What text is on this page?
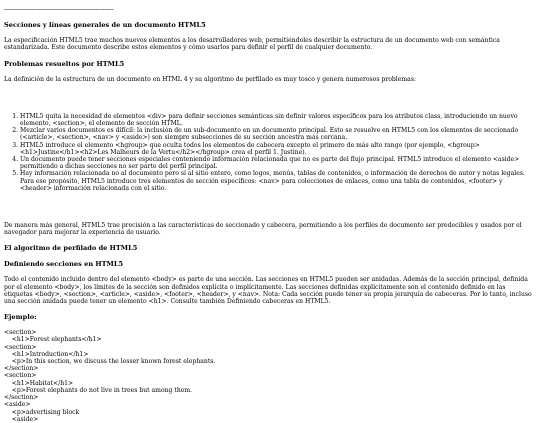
------------------------------------------------------------
Secciones y líneas generales de un documento HTML5

La especificación HTML5 trae muchos nuevos elementos a los desarrolladores web, permitiéndoles describir la estructura de un documento web con semántica estandarizada. Este documento describe estos elementos y cómo usarlos para definir el perfil de cualquier documento.

Problemas resueltos por HTML5

La definición de la estructura de un documento en HTML 4 y su algoritmo de perfilado es muy tosco y genera numerosos problemas:

1. HTML5 quita la necesidad de elementos <div> para definir secciones semánticas sin definir valores específicos para los atributos class, introduciendo un nuevo elemento, <section>, el elemento de sección HTML.
2. Mezclar varios documentos es difícil: la inclusión de un sub-documento en un documento principal. Esto se resuelve en HTML5 con los elementos de seccionado (<article>, <section>, <nav> y <aside>) son siempre subsecciones de su sección ancestra más cercana.
3. HTML5 introduce el elemento <hgroup> que oculta todos los elementos de cabecera excepto el primero de más alto rango (por ejemplo, <hgroup><h1>Justine</h1><h2>Les Malheurs de la Vertu</h2></hgroup> crea el perfil 1. Justine).
4. Un documento puede tener secciones especiales conteniendo información relacionada que no es parte del flujo principal. HTML5 introduce el elemento <aside> permitiendo a dichas secciones no ser parte del perfil principal.
5. Hay información relacionada no al documento pero sí al sitio entero, como logos, menús, tablas de contenidos, o información de derechos de autor y notas legales. Para ese propósito, HTML5 introduce tres elementos de sección específicos: <nav> para colecciones de enlaces, como una tabla de contenidos, <footer> y <header> información relacionada con el sitio.

De manera más general, HTML5 trae precisión a las características de seccionado y cabecera, permitiendo a los perfiles de documento ser predecibles y usados por el navegador para mejorar la experiencia de usuario.

El algoritmo de perfilado de HTML5
Definiendo secciones en HTML5

Todo el contenido incluido dentro del elemento <body> es parte de una sección. Las secciones en HTML5 pueden ser anidadas. Además de la sección principal, definida por el elemento <body>, los límites de la sección son definidos explícita o implícitamente. Las secciones definidas explícitamente son el contenido definido en las etiquetas <body>, <section>, <article>, <aside>, <footer>, <header>, y <nav>. Nota: Cada sección puede tener su propia jerarquía de cabeceras. Por lo tanto, incluso una sección anidada puede tener un elemento <h1>. Consulte también Definiendo cabeceras en HTML5.

Ejemplo:
<section>
<h1>Forest elephants</h1>
<section>
<h1>Introduction</h1>
<p>In this section, we discuss the lesser known forest elephants.
</section>
<section>
<h1>Habitat</h1>
<p>Forest elephants do not live in trees but among them.
</section>
<aside>
<p>advertising block
<aside>
